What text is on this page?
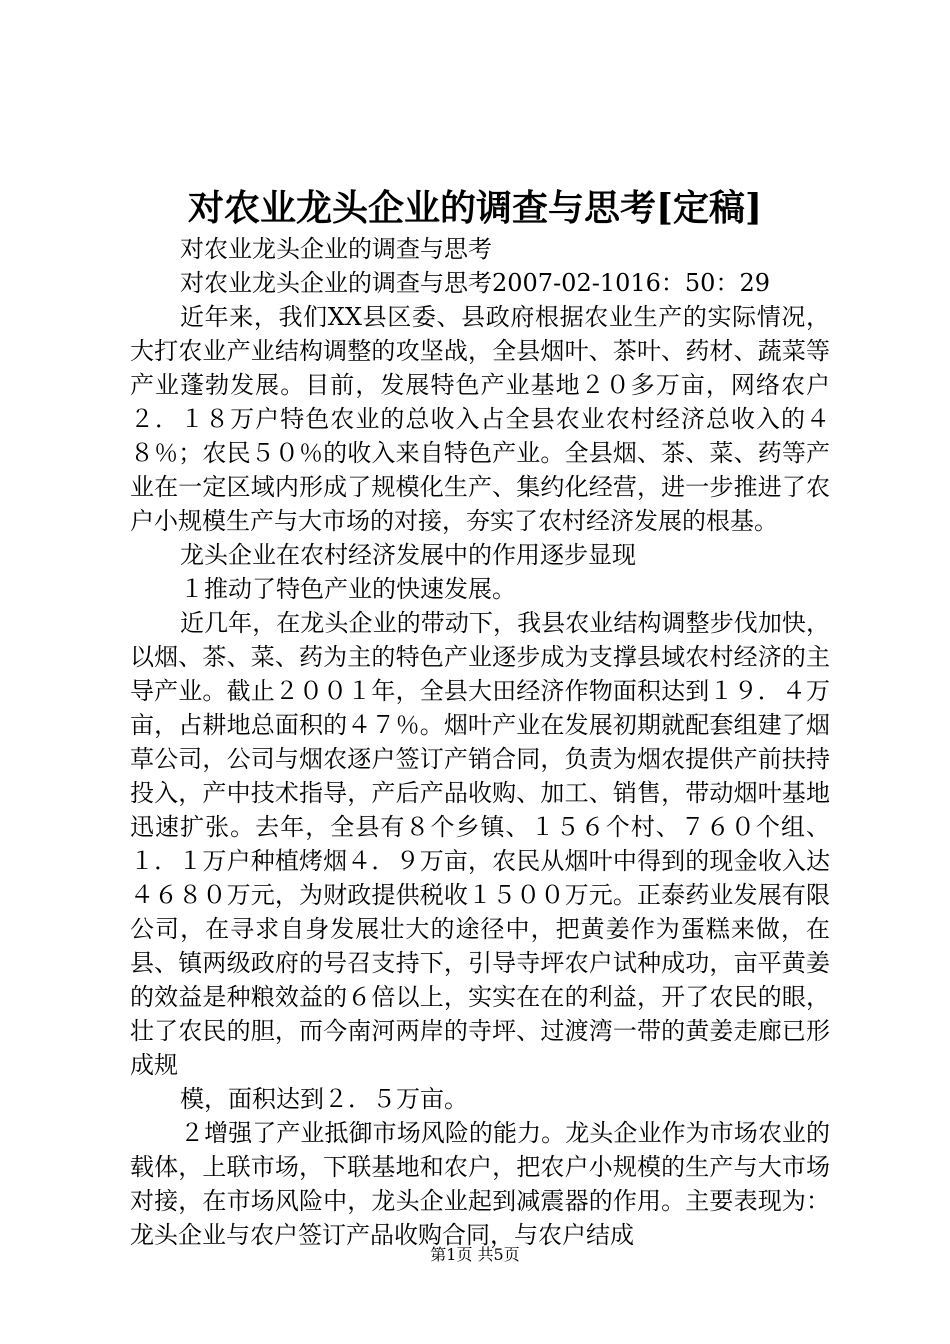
对农业龙头企业的调查与思考[定稿]

对农业龙头企业的调查与思考

对农业龙头企业的调查与思考2007-02-1016：50：29

近年来，我们XX县区委、县政府根据农业生产的实际情况，大打农业产业结构调整的攻坚战，全县烟叶、茶叶、药材、蔬菜等产业蓬勃发展。目前，发展特色产业基地２０多万亩，网络农户２．１８万户特色农业的总收入占全县农业农村经济总收入的４８％；农民５０％的收入来自特色产业。全县烟、茶、菜、药等产业在一定区域内形成了规模化生产、集约化经营，进一步推进了农户小规模生产与大市场的对接，夯实了农村经济发展的根基。

龙头企业在农村经济发展中的作用逐步显现

１推动了特色产业的快速发展。

近几年，在龙头企业的带动下，我县农业结构调整步伐加快，以烟、茶、菜、药为主的特色产业逐步成为支撑县域农村经济的主导产业。截止２００１年，全县大田经济作物面积达到１９．４万亩，占耕地总面积的４７％。烟叶产业在发展初期就配套组建了烟草公司，公司与烟农逐户签订产销合同，负责为烟农提供产前扶持投入，产中技术指导，产后产品收购、加工、销售，带动烟叶基地迅速扩张。去年，全县有８个乡镇、１５６个村、７６０个组、１．１万户种植烤烟４．９万亩，农民从烟叶中得到的现金收入达４６８０万元，为财政提供税收１５００万元。正泰药业发展有限公司，在寻求自身发展壮大的途径中，把黄姜作为蛋糕来做，在县、镇两级政府的号召支持下，引导寺坪农户试种成功，亩平黄姜的效益是种粮效益的６倍以上，实实在在的利益，开了农民的眼，壮了农民的胆，而今南河两岸的寺坪、过渡湾一带的黄姜走廊已形成规

模，面积达到２．５万亩。

２增强了产业抵御市场风险的能力。龙头企业作为市场农业的载体，上联市场，下联基地和农户，把农户小规模的生产与大市场对接，在市场风险中，龙头企业起到减震器的作用。主要表现为：龙头企业与农户签订产品收购合同，与农户结成

第1页 共5页
